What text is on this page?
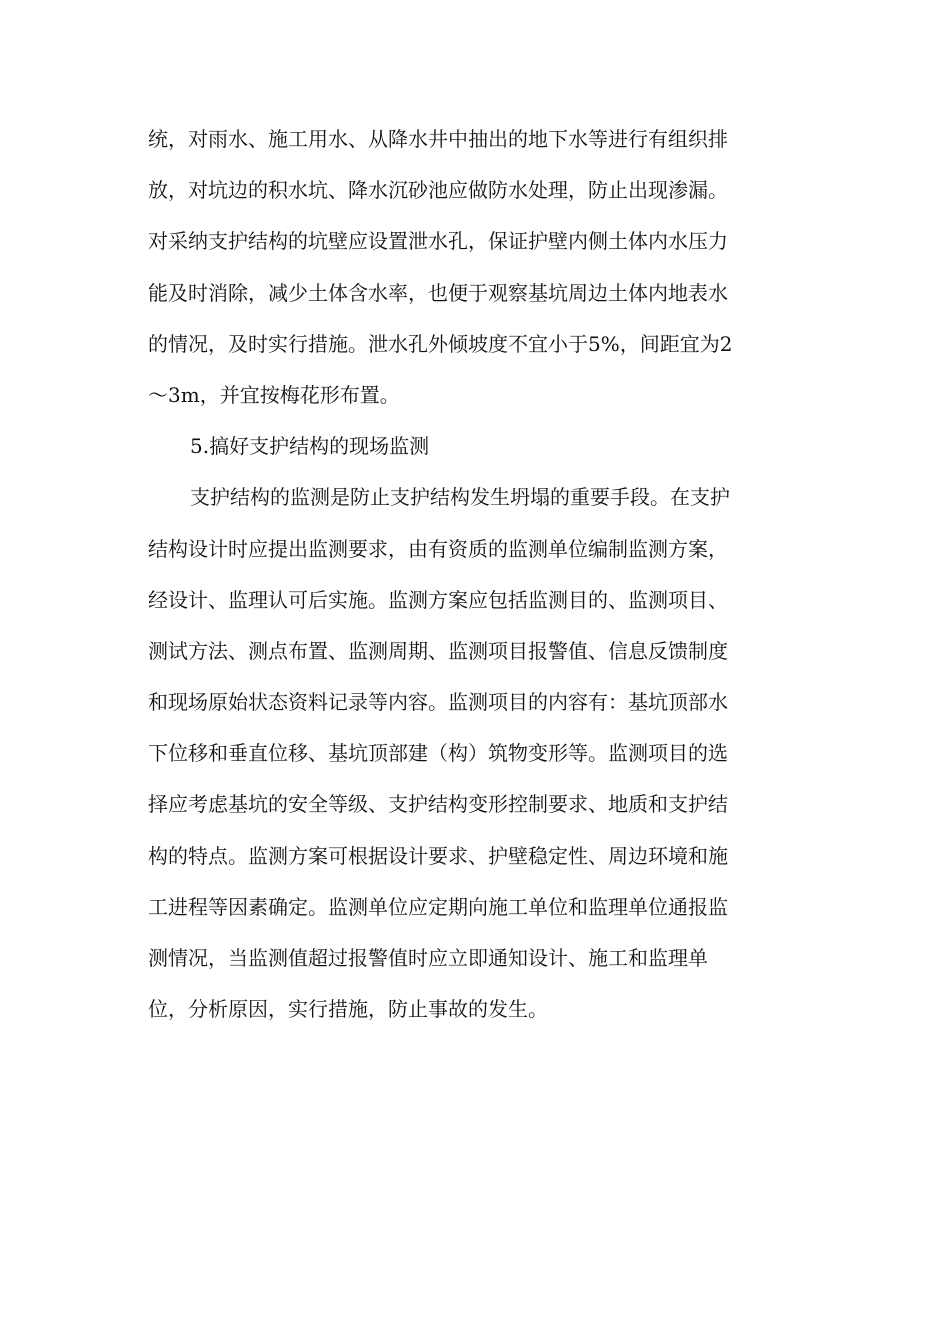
统，对雨水、施工用水、从降水井中抽出的地下水等进行有组织排
放，对坑边的积水坑、降水沉砂池应做防水处理，防止出现渗漏。
对采纳支护结构的坑壁应设置泄水孔，保证护壁内侧土体内水压力
能及时消除，减少土体含水率，也便于观察基坑周边土体内地表水
的情况，及时实行措施。泄水孔外倾坡度不宜小于5%，间距宜为2
～3m，并宜按梅花形布置。
5.搞好支护结构的现场监测
支护结构的监测是防止支护结构发生坍塌的重要手段。在支护
结构设计时应提出监测要求，由有资质的监测单位编制监测方案，
经设计、监理认可后实施。监测方案应包括监测目的、监测项目、
测试方法、测点布置、监测周期、监测项目报警值、信息反馈制度
和现场原始状态资料记录等内容。监测项目的内容有：基坑顶部水
下位移和垂直位移、基坑顶部建（构）筑物变形等。监测项目的选
择应考虑基坑的安全等级、支护结构变形控制要求、地质和支护结
构的特点。监测方案可根据设计要求、护壁稳定性、周边环境和施
工进程等因素确定。监测单位应定期向施工单位和监理单位通报监
测情况，当监测值超过报警值时应立即通知设计、施工和监理单
位，分析原因，实行措施，防止事故的发生。
